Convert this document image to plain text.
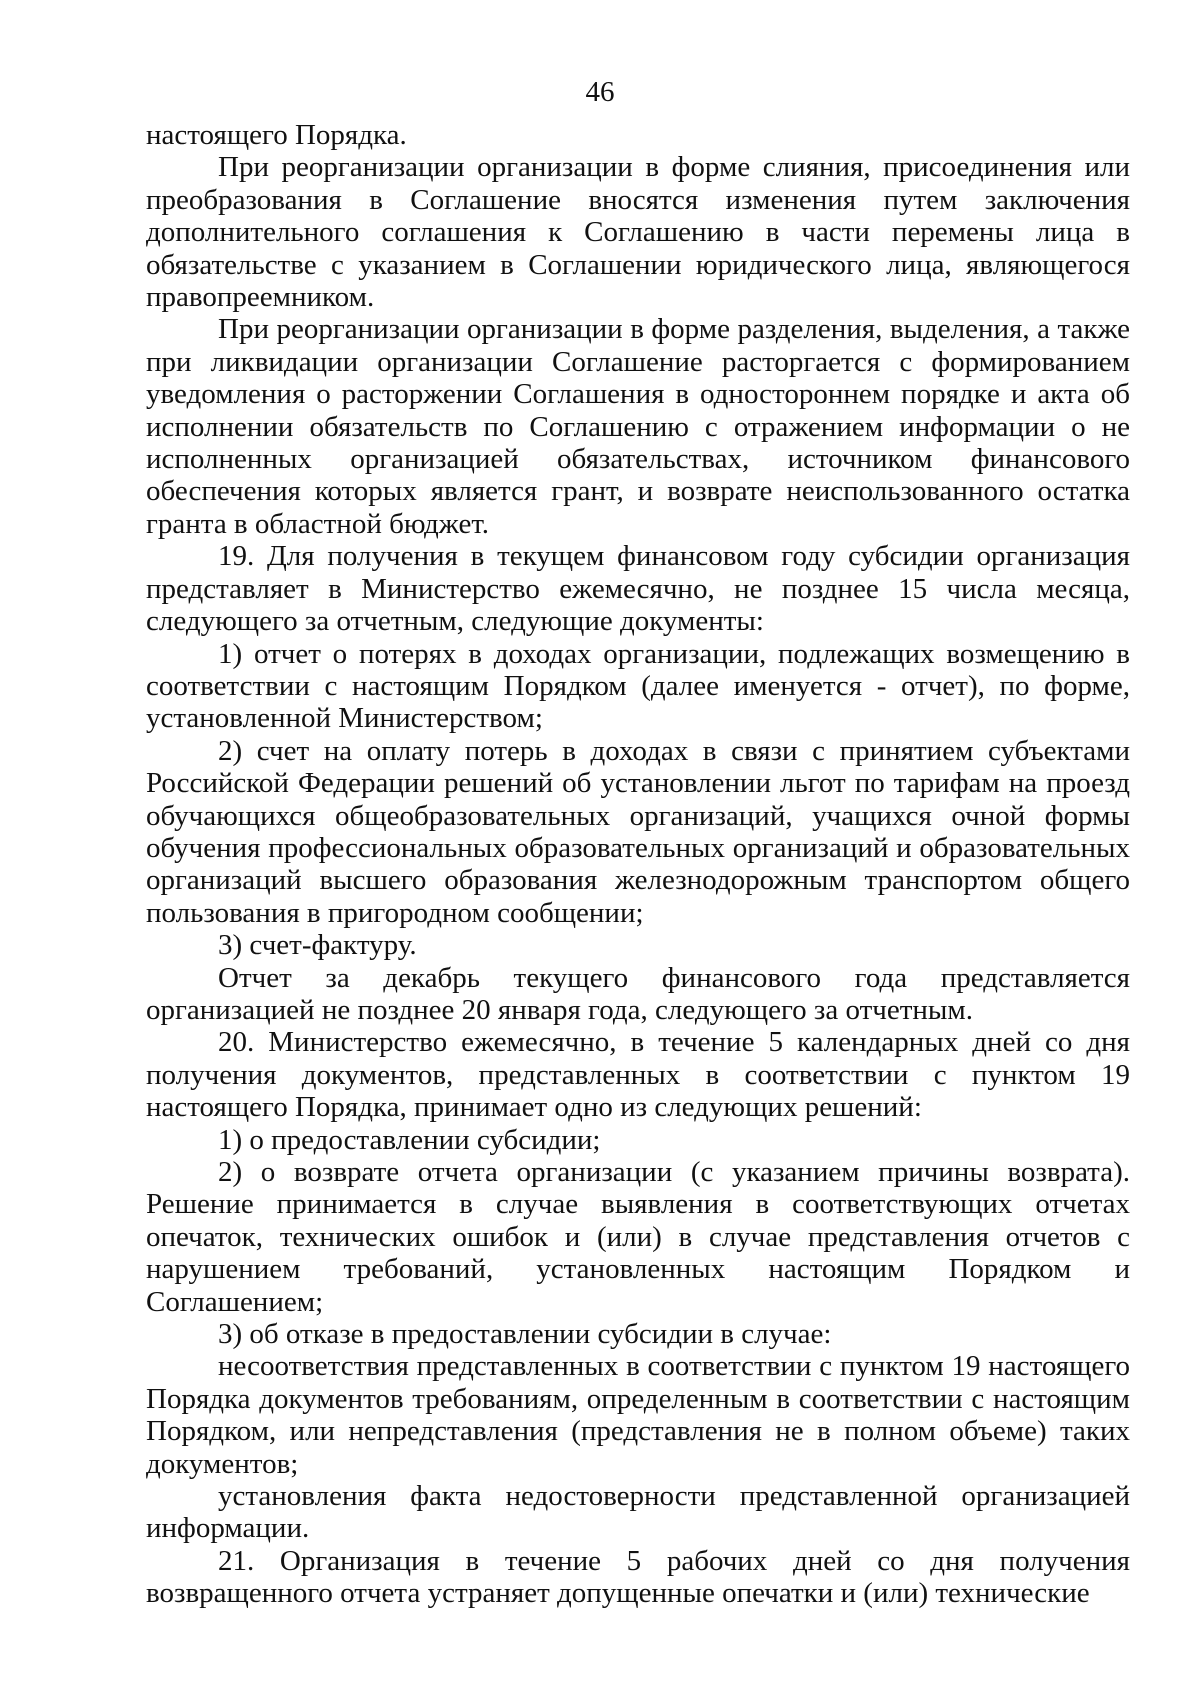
46

настоящего Порядка.

При реорганизации организации в форме слияния, присоединения или преобразования в Соглашение вносятся изменения путем заключения дополнительного соглашения к Соглашению в части перемены лица в обязательстве с указанием в Соглашении юридического лица, являющегося правопреемником.

При реорганизации организации в форме разделения, выделения, а также при ликвидации организации Соглашение расторгается с формированием уведомления о расторжении Соглашения в одностороннем порядке и акта об исполнении обязательств по Соглашению с отражением информации о не исполненных организацией обязательствах, источником финансового обеспечения которых является грант, и возврате неиспользованного остатка гранта в областной бюджет.

19. Для получения в текущем финансовом году субсидии организация представляет в Министерство ежемесячно, не позднее 15 числа месяца, следующего за отчетным, следующие документы:

1) отчет о потерях в доходах организации, подлежащих возмещению в соответствии с настоящим Порядком (далее именуется - отчет), по форме, установленной Министерством;

2) счет на оплату потерь в доходах в связи с принятием субъектами Российской Федерации решений об установлении льгот по тарифам на проезд обучающихся общеобразовательных организаций, учащихся очной формы обучения профессиональных образовательных организаций и образовательных организаций высшего образования железнодорожным транспортом общего пользования в пригородном сообщении;

3) счет-фактуру.

Отчет за декабрь текущего финансового года представляется организацией не позднее 20 января года, следующего за отчетным.

20. Министерство ежемесячно, в течение 5 календарных дней со дня получения документов, представленных в соответствии с пунктом 19 настоящего Порядка, принимает одно из следующих решений:

1) о предоставлении субсидии;

2) о возврате отчета организации (с указанием причины возврата). Решение принимается в случае выявления в соответствующих отчетах опечаток, технических ошибок и (или) в случае представления отчетов с нарушением требований, установленных настоящим Порядком и Соглашением;

3) об отказе в предоставлении субсидии в случае:

несоответствия представленных в соответствии с пунктом 19 настоящего Порядка документов требованиям, определенным в соответствии с настоящим Порядком, или непредставления (представления не в полном объеме) таких документов;

установления факта недостоверности представленной организацией информации.

21. Организация в течение 5 рабочих дней со дня получения возвращенного отчета устраняет допущенные опечатки и (или) технические
